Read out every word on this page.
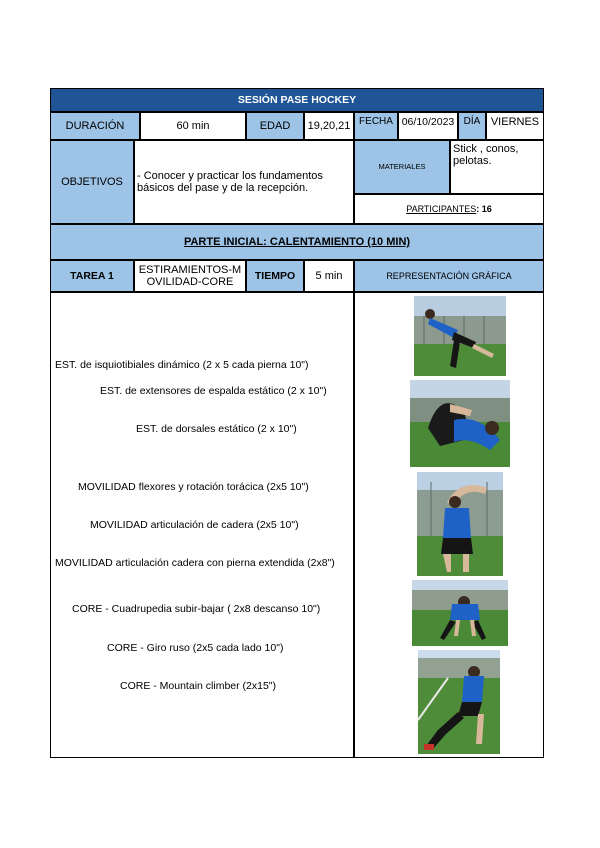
SESIÓN PASE HOCKEY
DURACIÓN	60 min	EDAD	19,20,21 FECHA 06/10/2023 DÍA VIERNES
OBJETIVOS	- Conocer y practicar los fundamentos
básicos del pase y de la recepción.
MATERIALES
Stick , conos,
pelotas.
PARTICIPANTES : 16
PARTE INICIAL: CALENTAMIENTO (10 MIN)
TAREA 1	ESTIRAMIENTOS-M
OVILIDAD-CORE	TIEMPO	5 min	REPRESENTACIÓN GRÁFICA
EST. de isquiotibiales dinámico (2 x 5 cada pierna 10")
EST. de extensores de espalda estático (2 x 10")
EST. de dorsales estático (2 x 10")
MOVILIDAD flexores y rotación torácica (2x5 10")
MOVILIDAD articulación de cadera (2x5 10")
MOVILIDAD articulación cadera con pierna extendida (2x8")
CORE - Cuadrupedia subir-bajar ( 2x8 descanso 10")
CORE - Giro ruso (2x5 cada lado 10")
CORE - Mountain climber (2x15")
